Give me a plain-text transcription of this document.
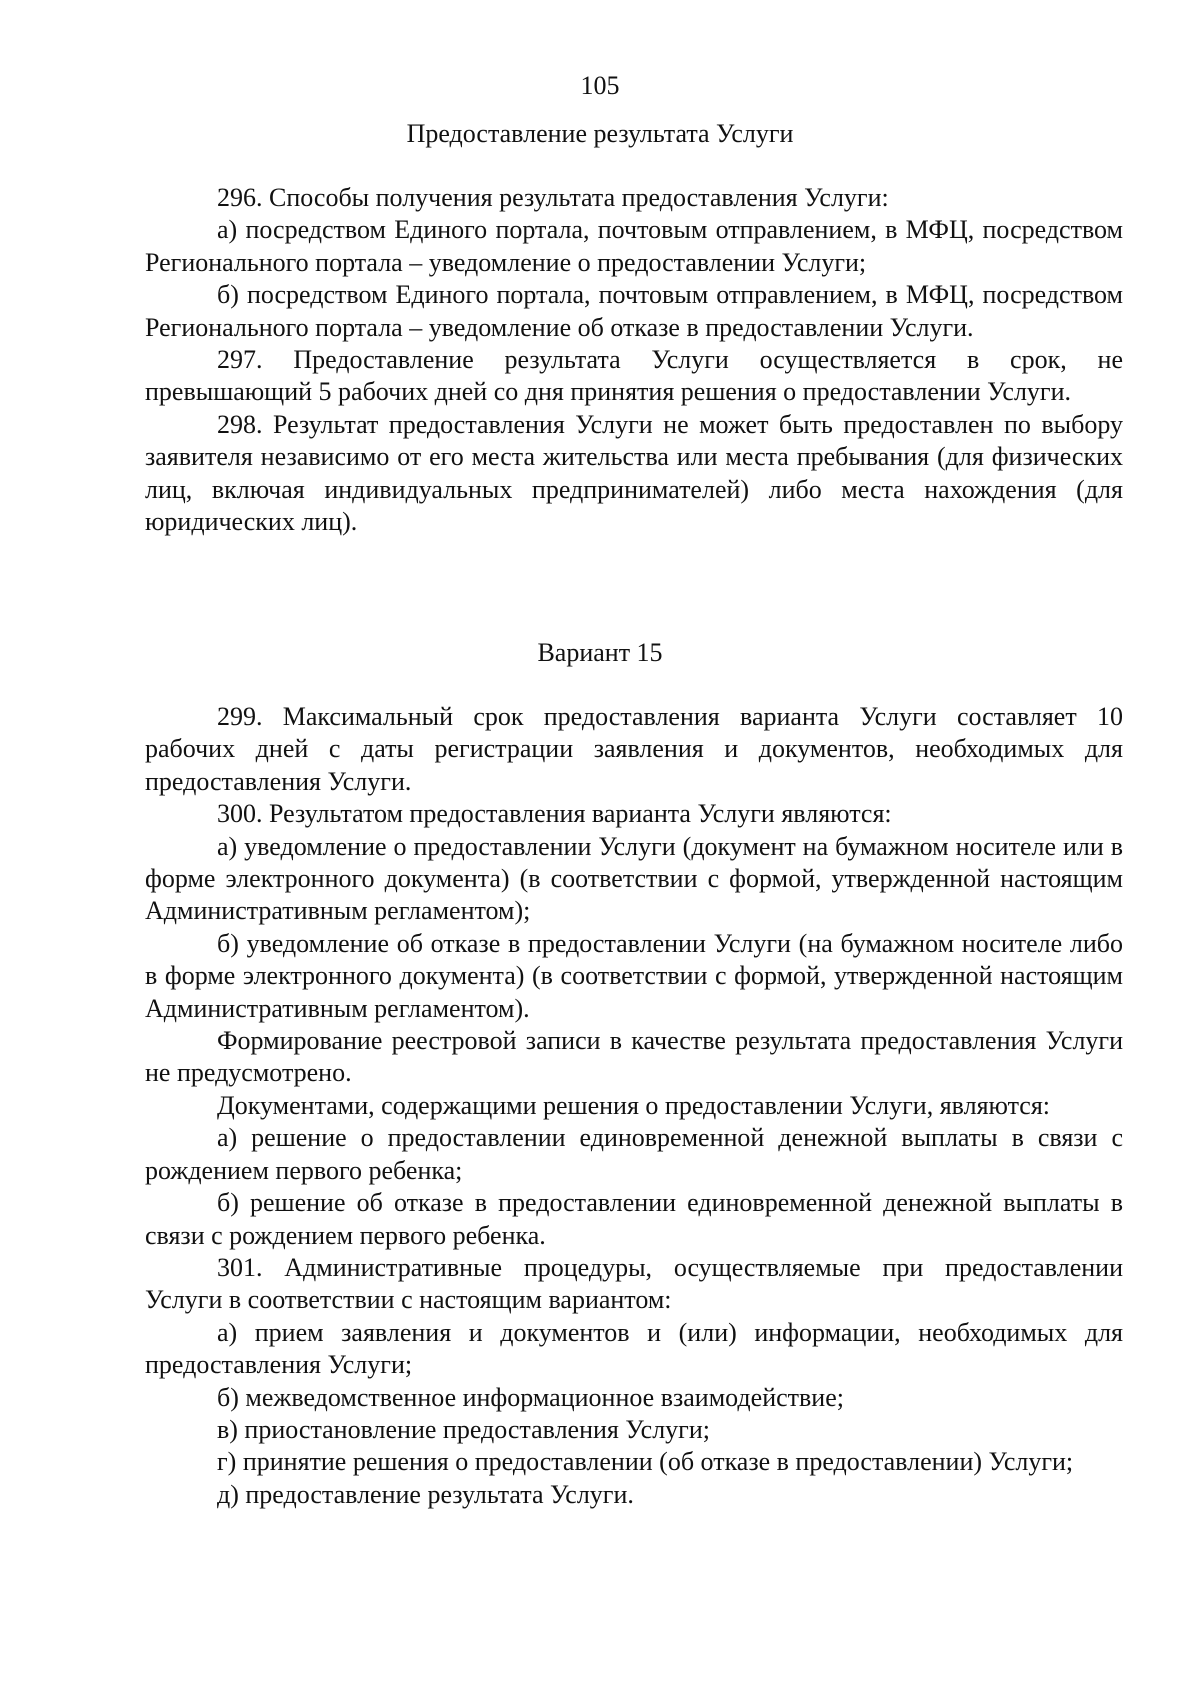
105
Предоставление результата Услуги

296. Способы получения результата предоставления Услуги:

а) посредством Единого портала, почтовым отправлением, в МФЦ, посредством Регионального портала – уведомление о предоставлении Услуги;

б) посредством Единого портала, почтовым отправлением, в МФЦ, посредством Регионального портала – уведомление об отказе в предоставлении Услуги.

297. Предоставление результата Услуги осуществляется в срок, не превышающий 5 рабочих дней со дня принятия решения о предоставлении Услуги.

298. Результат предоставления Услуги не может быть предоставлен по выбору заявителя независимо от его места жительства или места пребывания (для физических лиц, включая индивидуальных предпринимателей) либо места нахождения (для юридических лиц).

Вариант 15

299. Максимальный срок предоставления варианта Услуги составляет 10 рабочих дней с даты регистрации заявления и документов, необходимых для предоставления Услуги.

300. Результатом предоставления варианта Услуги являются:

а) уведомление о предоставлении Услуги (документ на бумажном носителе или в форме электронного документа) (в соответствии с формой, утвержденной настоящим Административным регламентом);

б) уведомление об отказе в предоставлении Услуги (на бумажном носителе либо в форме электронного документа) (в соответствии с формой, утвержденной настоящим Административным регламентом).

Формирование реестровой записи в качестве результата предоставления Услуги не предусмотрено.

Документами, содержащими решения о предоставлении Услуги, являются:

а) решение о предоставлении единовременной денежной выплаты в связи с рождением первого ребенка;

б) решение об отказе в предоставлении единовременной денежной выплаты в связи с рождением первого ребенка.

301. Административные процедуры, осуществляемые при предоставлении Услуги в соответствии с настоящим вариантом:

а) прием заявления и документов и (или) информации, необходимых для предоставления Услуги;

б) межведомственное информационное взаимодействие;

в) приостановление предоставления Услуги;

г) принятие решения о предоставлении (об отказе в предоставлении) Услуги;

д) предоставление результата Услуги.
